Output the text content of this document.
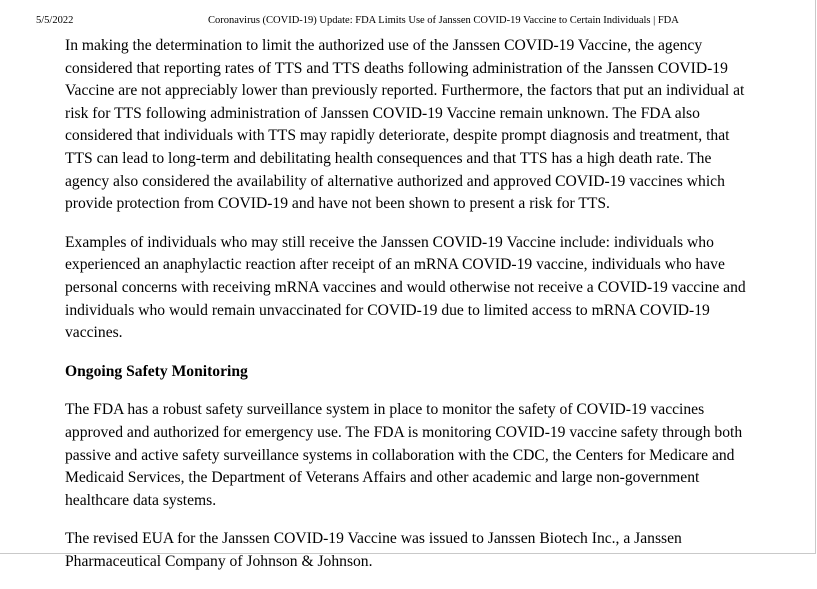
5/5/2022	Coronavirus (COVID-19) Update: FDA Limits Use of Janssen COVID-19 Vaccine to Certain Individuals | FDA

In making the determination to limit the authorized use of the Janssen COVID-19 Vaccine, the agency considered that reporting rates of TTS and TTS deaths following administration of the Janssen COVID-19 Vaccine are not appreciably lower than previously reported. Furthermore, the factors that put an individual at risk for TTS following administration of Janssen COVID-19 Vaccine remain unknown. The FDA also considered that individuals with TTS may rapidly deteriorate, despite prompt diagnosis and treatment, that TTS can lead to long-term and debilitating health consequences and that TTS has a high death rate. The agency also considered the availability of alternative authorized and approved COVID-19 vaccines which provide protection from COVID-19 and have not been shown to present a risk for TTS.

Examples of individuals who may still receive the Janssen COVID-19 Vaccine include: individuals who experienced an anaphylactic reaction after receipt of an mRNA COVID-19 vaccine, individuals who have personal concerns with receiving mRNA vaccines and would otherwise not receive a COVID-19 vaccine and individuals who would remain unvaccinated for COVID-19 due to limited access to mRNA COVID-19 vaccines.

Ongoing Safety Monitoring

The FDA has a robust safety surveillance system in place to monitor the safety of COVID-19 vaccines approved and authorized for emergency use. The FDA is monitoring COVID-19 vaccine safety through both passive and active safety surveillance systems in collaboration with the CDC, the Centers for Medicare and Medicaid Services, the Department of Veterans Affairs and other academic and large non-government healthcare data systems.

The revised EUA for the Janssen COVID-19 Vaccine was issued to Janssen Biotech Inc., a Janssen Pharmaceutical Company of Johnson & Johnson.
